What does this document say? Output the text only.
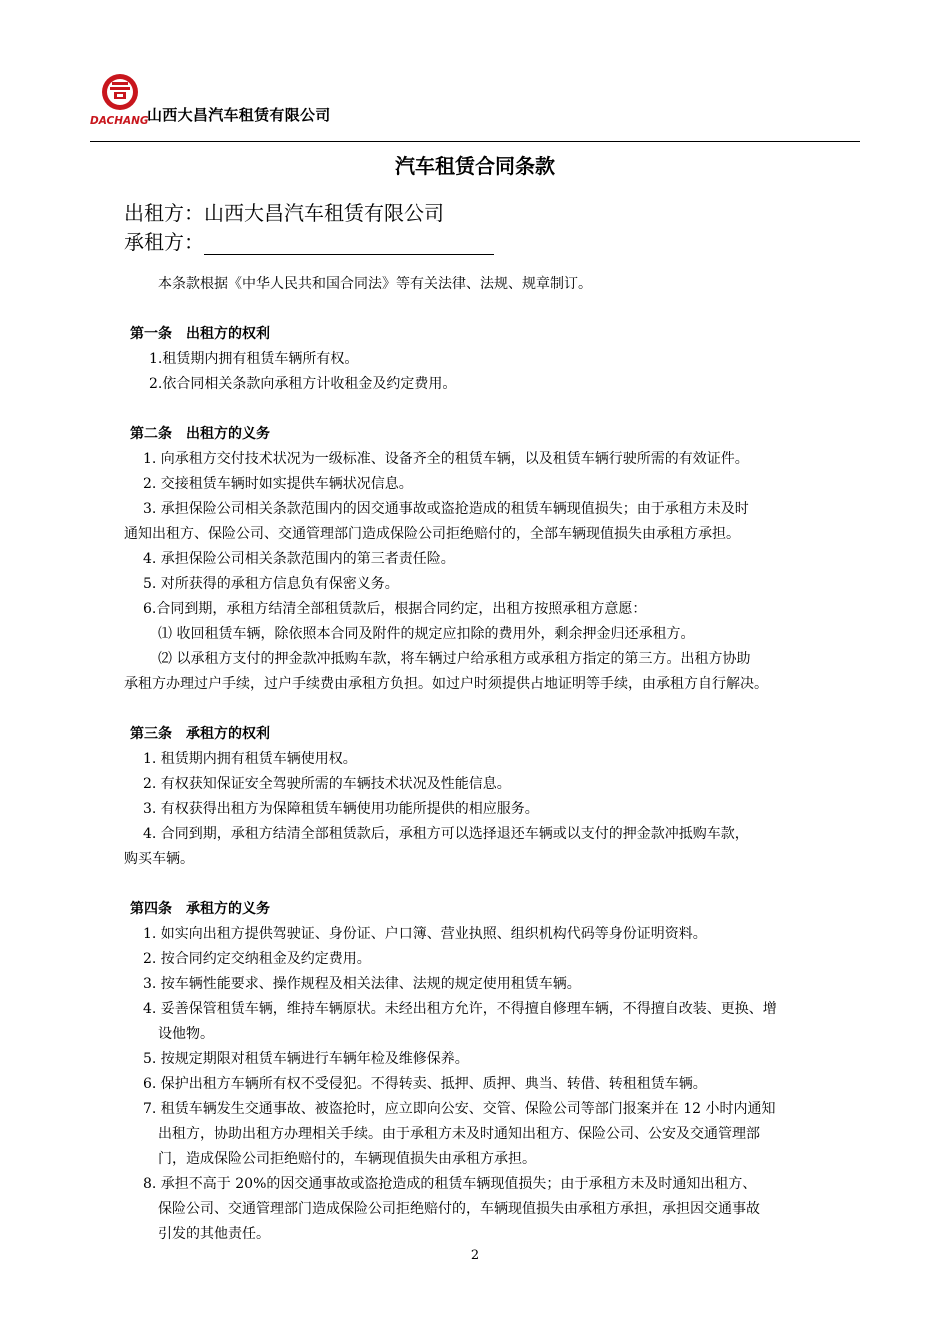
DACHANG
山西大昌汽车租赁有限公司
汽车租赁合同条款
出租方：山西大昌汽车租赁有限公司
承租方：
本条款根据《中华人民共和国合同法》等有关法律、法规、规章制订。
第一条　出租方的权利
1.租赁期内拥有租赁车辆所有权。
2.依合同相关条款向承租方计收租金及约定费用。
第二条　出租方的义务
1. 向承租方交付技术状况为一级标准、设备齐全的租赁车辆，以及租赁车辆行驶所需的有效证件。
2. 交接租赁车辆时如实提供车辆状况信息。
3. 承担保险公司相关条款范围内的因交通事故或盗抢造成的租赁车辆现值损失；由于承租方未及时
通知出租方、保险公司、交通管理部门造成保险公司拒绝赔付的，全部车辆现值损失由承租方承担。
4. 承担保险公司相关条款范围内的第三者责任险。
5. 对所获得的承租方信息负有保密义务。
6.合同到期，承租方结清全部租赁款后，根据合同约定，出租方按照承租方意愿：
⑴ 收回租赁车辆，除依照本合同及附件的规定应扣除的费用外，剩余押金归还承租方。
⑵ 以承租方支付的押金款冲抵购车款，将车辆过户给承租方或承租方指定的第三方。出租方协助
承租方办理过户手续，过户手续费由承租方负担。如过户时须提供占地证明等手续，由承租方自行解决。
第三条　承租方的权利
1. 租赁期内拥有租赁车辆使用权。
2. 有权获知保证安全驾驶所需的车辆技术状况及性能信息。
3. 有权获得出租方为保障租赁车辆使用功能所提供的相应服务。
4. 合同到期，承租方结清全部租赁款后，承租方可以选择退还车辆或以支付的押金款冲抵购车款，
购买车辆。
第四条　承租方的义务
1. 如实向出租方提供驾驶证、身份证、户口簿、营业执照、组织机构代码等身份证明资料。
2. 按合同约定交纳租金及约定费用。
3. 按车辆性能要求、操作规程及相关法律、法规的规定使用租赁车辆。
4. 妥善保管租赁车辆，维持车辆原状。未经出租方允许，不得擅自修理车辆，不得擅自改装、更换、增
设他物。
5. 按规定期限对租赁车辆进行车辆年检及维修保养。
6. 保护出租方车辆所有权不受侵犯。不得转卖、抵押、质押、典当、转借、转租租赁车辆。
7. 租赁车辆发生交通事故、被盗抢时，应立即向公安、交管、保险公司等部门报案并在 12 小时内通知
出租方，协助出租方办理相关手续。由于承租方未及时通知出租方、保险公司、公安及交通管理部
门，造成保险公司拒绝赔付的，车辆现值损失由承租方承担。
8. 承担不高于 20%的因交通事故或盗抢造成的租赁车辆现值损失；由于承租方未及时通知出租方、
保险公司、交通管理部门造成保险公司拒绝赔付的，车辆现值损失由承租方承担，承担因交通事故
引发的其他责任。
2
